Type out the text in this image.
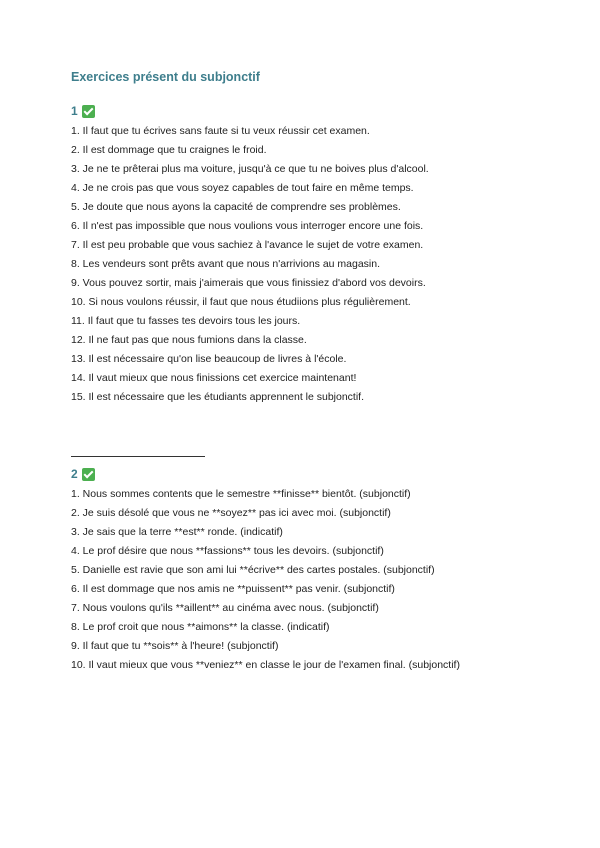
Exercices présent du subjonctif
1
1. Il faut que tu écrives sans faute si tu veux réussir cet examen.
2. Il est dommage que tu craignes le froid.
3. Je ne te prêterai plus ma voiture, jusqu'à ce que tu ne boives plus d'alcool.
4. Je ne crois pas que vous soyez capables de tout faire en même temps.
5. Je doute que nous ayons la capacité de comprendre ses problèmes.
6. Il n'est pas impossible que nous voulions vous interroger encore une fois.
7. Il est peu probable que vous sachiez à l'avance le sujet de votre examen.
8. Les vendeurs sont prêts avant que nous n'arrivions au magasin.
9. Vous pouvez sortir, mais j'aimerais que vous finissiez d'abord vos devoirs.
10. Si nous voulons réussir, il faut que nous étudiions plus régulièrement.
11. Il faut que tu fasses tes devoirs tous les jours.
12. Il ne faut pas que nous fumions dans la classe.
13. Il est nécessaire qu'on lise beaucoup de livres à l'école.
14. Il vaut mieux que nous finissions cet exercice maintenant!
15. Il est nécessaire que les étudiants apprennent le subjonctif.
2
1. Nous sommes contents que le semestre **finisse** bientôt. (subjonctif)
2. Je suis désolé que vous ne **soyez** pas ici avec moi. (subjonctif)
3. Je sais que la terre **est** ronde. (indicatif)
4. Le prof désire que nous **fassions** tous les devoirs. (subjonctif)
5. Danielle est ravie que son ami lui **écrive** des cartes postales. (subjonctif)
6. Il est dommage que nos amis ne **puissent** pas venir. (subjonctif)
7. Nous voulons qu'ils **aillent** au cinéma avec nous. (subjonctif)
8. Le prof croit que nous **aimons** la classe. (indicatif)
9. Il faut que tu **sois** à l'heure! (subjonctif)
10. Il vaut mieux que vous **veniez** en classe le jour de l'examen final. (subjonctif)
